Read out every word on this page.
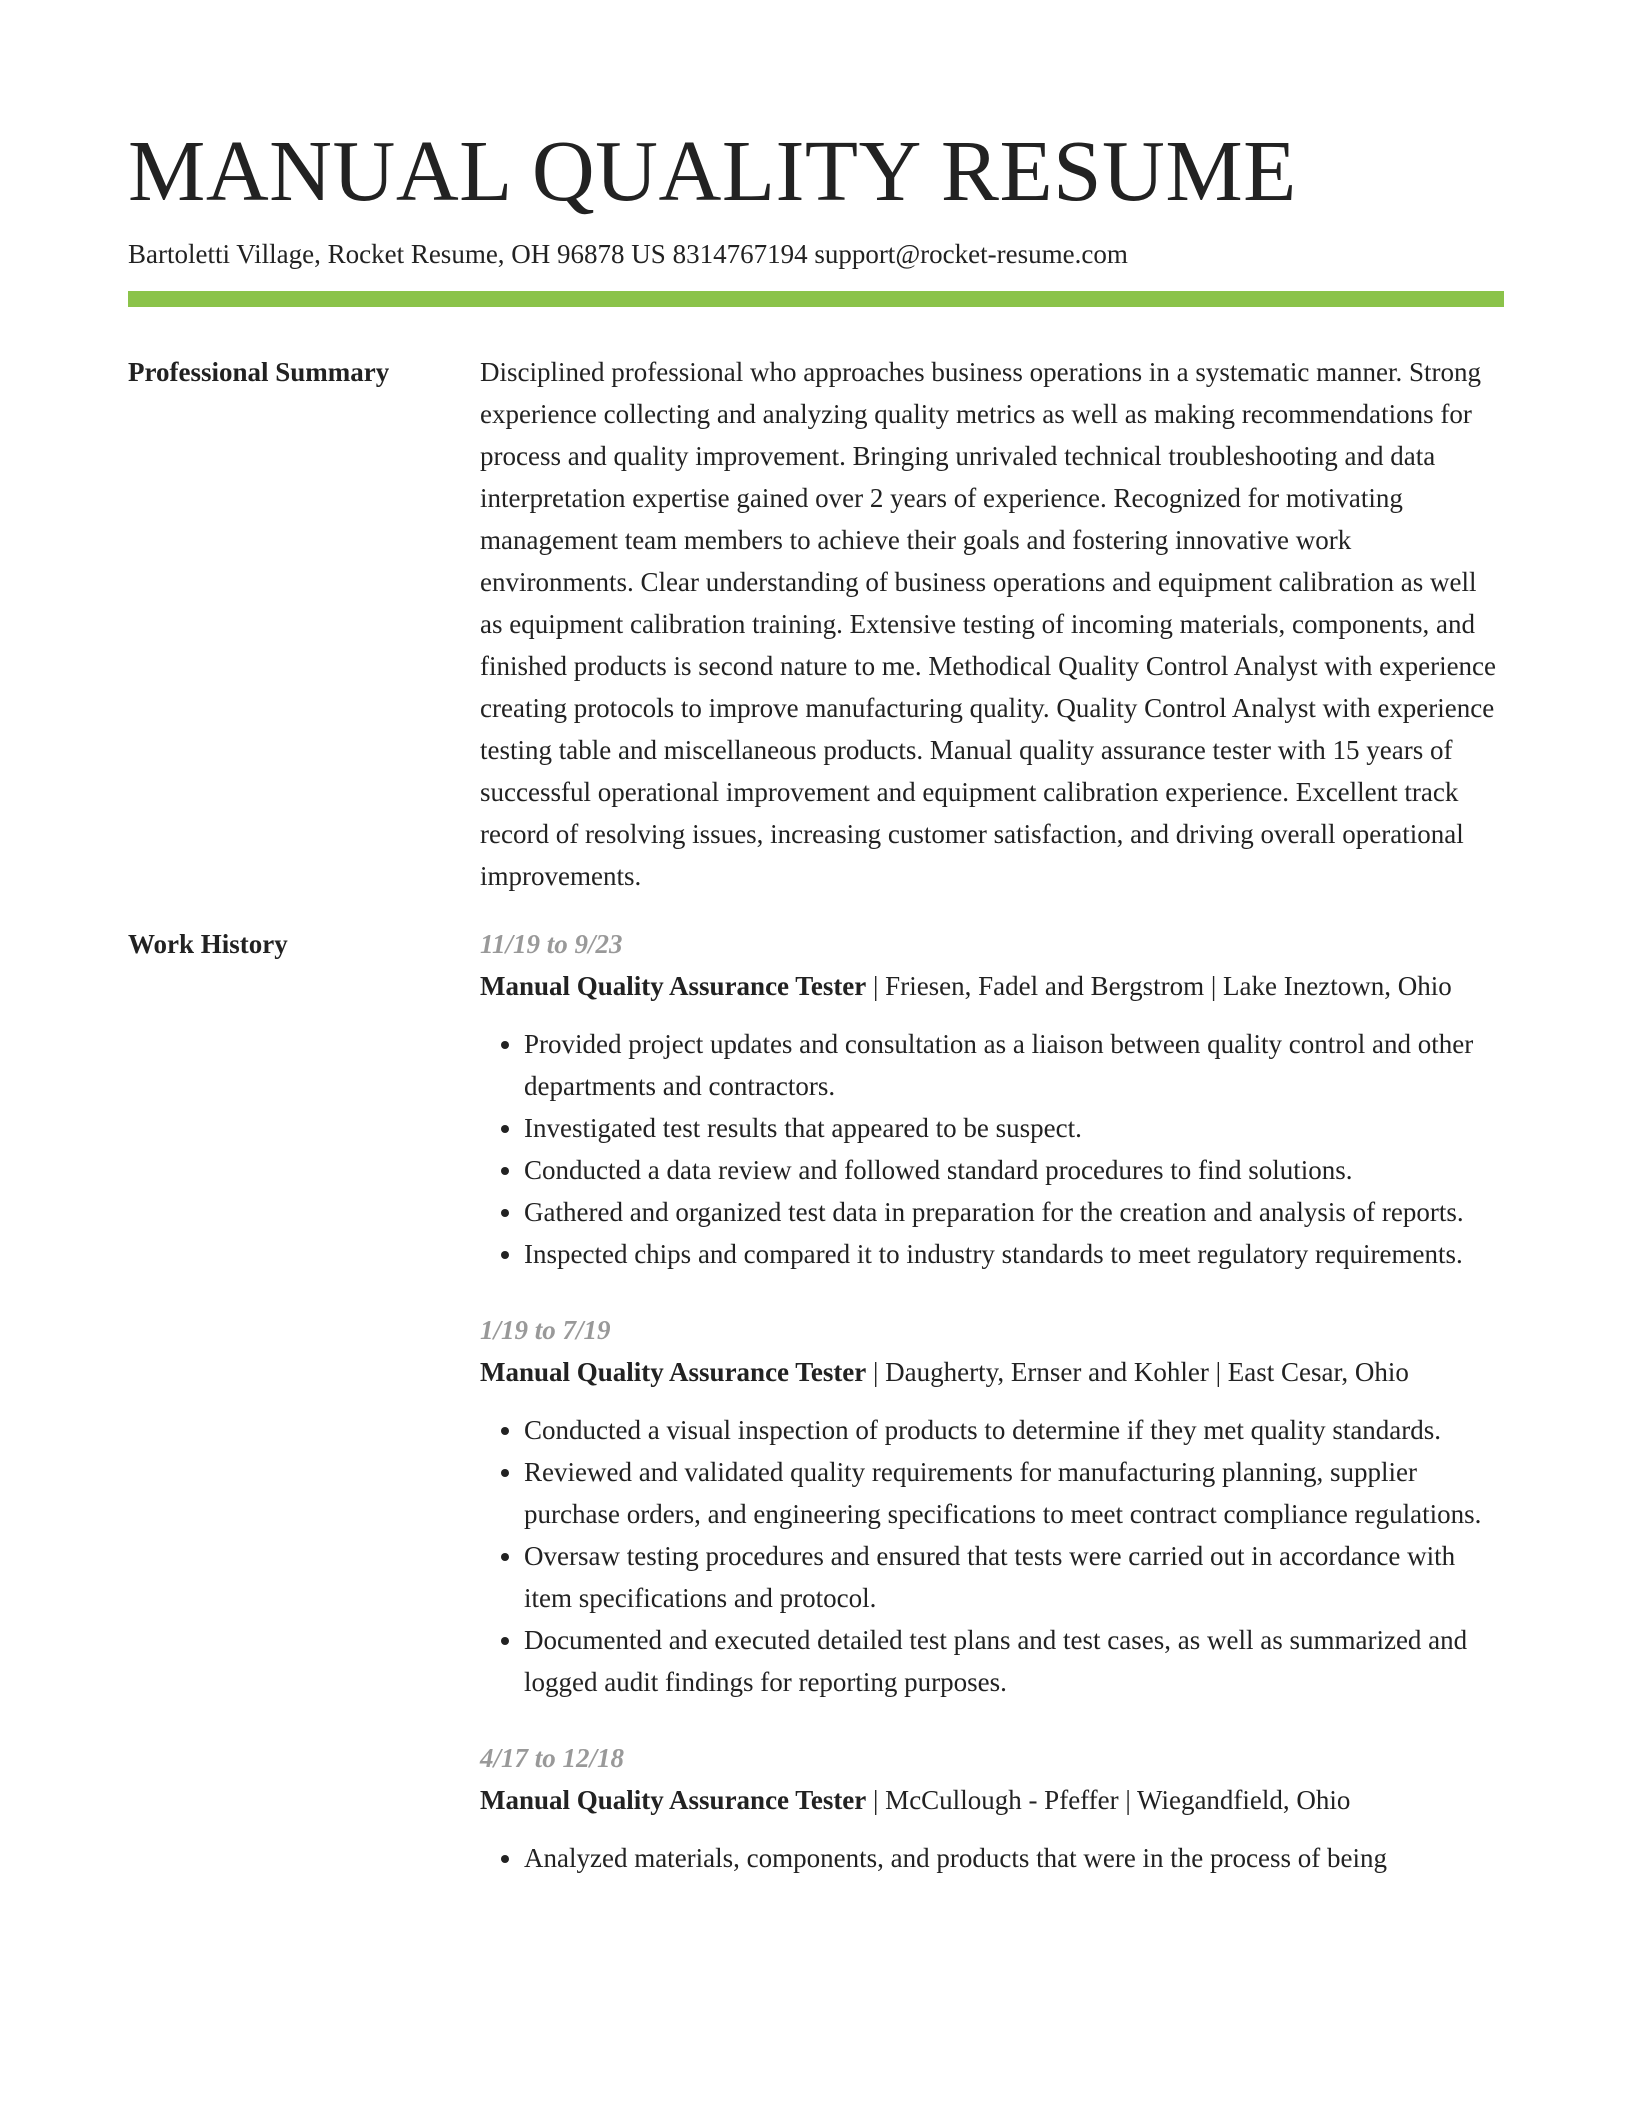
MANUAL QUALITY RESUME
Bartoletti Village, Rocket Resume, OH 96878 US 8314767194 support@rocket-resume.com
Professional Summary	Disciplined professional who approaches business operations in a systematic manner. Strong experience collecting and analyzing quality metrics as well as making recommendations for process and quality improvement. Bringing unrivaled technical troubleshooting and data interpretation expertise gained over 2 years of experience. Recognized for motivating management team members to achieve their goals and fostering innovative work environments. Clear understanding of business operations and equipment calibration as well as equipment calibration training. Extensive testing of incoming materials, components, and finished products is second nature to me. Methodical Quality Control Analyst with experience creating protocols to improve manufacturing quality. Quality Control Analyst with experience testing table and miscellaneous products. Manual quality assurance tester with 15 years of successful operational improvement and equipment calibration experience. Excellent track record of resolving issues, increasing customer satisfaction, and driving overall operational improvements.

Work History	11/19 to 9/23

Manual Quality Assurance Tester | Friesen, Fadel and Bergstrom | Lake Ineztown, Ohio

• Provided project updates and consultation as a liaison between quality control and other departments and contractors.
• Investigated test results that appeared to be suspect.
• Conducted a data review and followed standard procedures to find solutions.
• Gathered and organized test data in preparation for the creation and analysis of reports.
• Inspected chips and compared it to industry standards to meet regulatory requirements.
1/19 to 7/19

Manual Quality Assurance Tester | Daugherty, Ernser and Kohler | East Cesar, Ohio

• Conducted a visual inspection of products to determine if they met quality standards.
• Reviewed and validated quality requirements for manufacturing planning, supplier purchase orders, and engineering specifications to meet contract compliance regulations.
• Oversaw testing procedures and ensured that tests were carried out in accordance with item specifications and protocol.
• Documented and executed detailed test plans and test cases, as well as summarized and logged audit findings for reporting purposes.
4/17 to 12/18

Manual Quality Assurance Tester | McCullough - Pfeffer | Wiegandfield, Ohio

• Analyzed materials, components, and products that were in the process of being
